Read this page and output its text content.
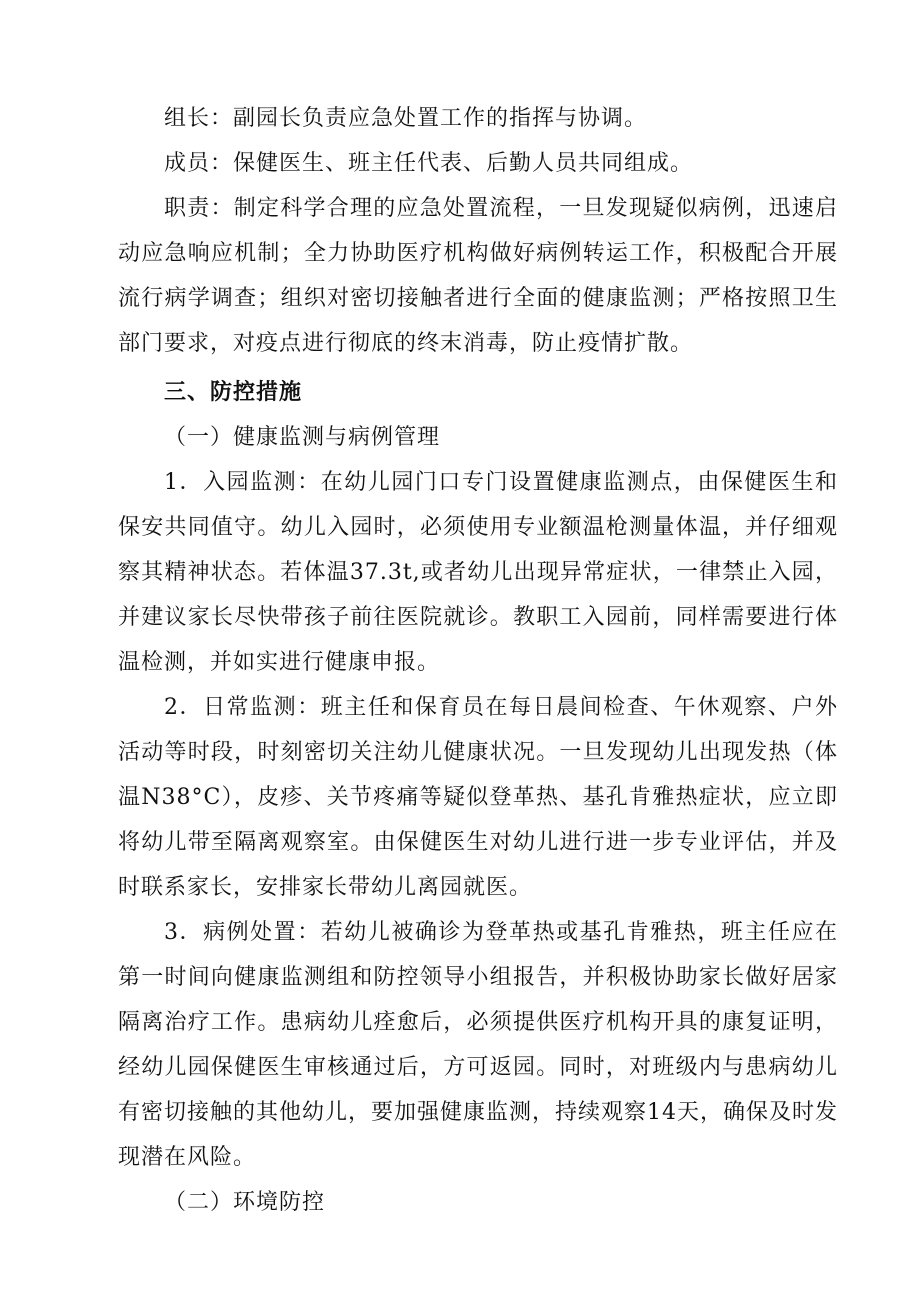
组长：副园长负责应急处置工作的指挥与协调。

成员：保健医生、班主任代表、后勤人员共同组成。

职责：制定科学合理的应急处置流程，一旦发现疑似病例，迅速启动应急响应机制；全力协助医疗机构做好病例转运工作，积极配合开展流行病学调查；组织对密切接触者进行全面的健康监测；严格按照卫生部门要求，对疫点进行彻底的终末消毒，防止疫情扩散。

三、防控措施

（一）健康监测与病例管理

1．入园监测：在幼儿园门口专门设置健康监测点，由保健医生和保安共同值守。幼儿入园时，必须使用专业额温枪测量体温，并仔细观察其精神状态。若体温37.3t,或者幼儿出现异常症状，一律禁止入园，并建议家长尽快带孩子前往医院就诊。教职工入园前，同样需要进行体温检测，并如实进行健康申报。

2．日常监测：班主任和保育员在每日晨间检查、午休观察、户外活动等时段，时刻密切关注幼儿健康状况。一旦发现幼儿出现发热（体温N38°C），皮疹、关节疼痛等疑似登革热、基孔肯雅热症状，应立即将幼儿带至隔离观察室。由保健医生对幼儿进行进一步专业评估，并及时联系家长，安排家长带幼儿离园就医。

3．病例处置：若幼儿被确诊为登革热或基孔肯雅热，班主任应在第一时间向健康监测组和防控领导小组报告，并积极协助家长做好居家隔离治疗工作。患病幼儿痊愈后，必须提供医疗机构开具的康复证明，经幼儿园保健医生审核通过后，方可返园。同时，对班级内与患病幼儿有密切接触的其他幼儿，要加强健康监测，持续观察14天，确保及时发现潜在风险。

（二）环境防控
